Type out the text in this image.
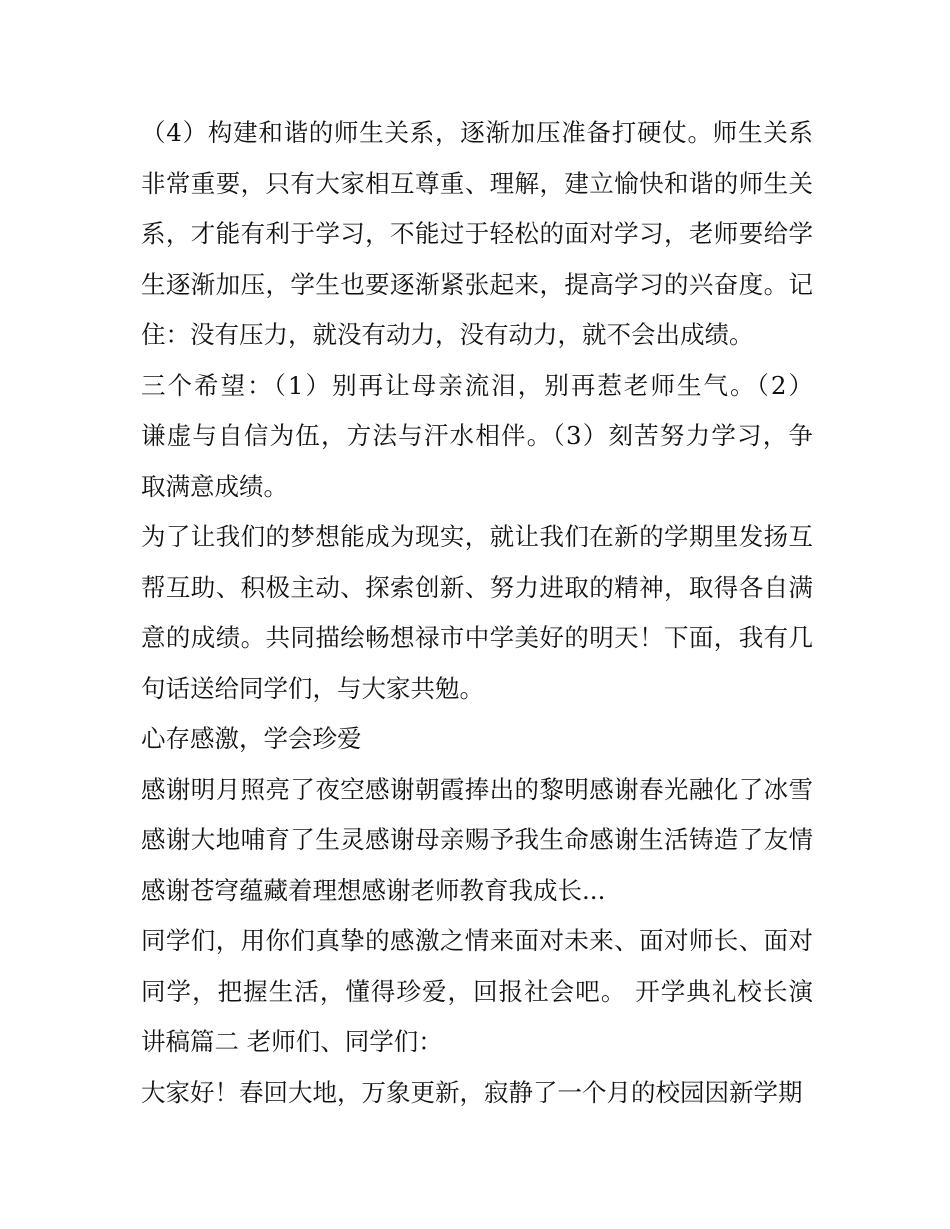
（4）构建和谐的师生关系，逐渐加压准备打硬仗。师生关系
非常重要，只有大家相互尊重、理解，建立愉快和谐的师生关
系，才能有利于学习，不能过于轻松的面对学习，老师要给学
生逐渐加压，学生也要逐渐紧张起来，提高学习的兴奋度。记
住：没有压力，就没有动力，没有动力，就不会出成绩。

三个希望：（1）别再让母亲流泪，别再惹老师生气。（2）
谦虚与自信为伍，方法与汗水相伴。（3）刻苦努力学习，争
取满意成绩。

为了让我们的梦想能成为现实，就让我们在新的学期里发扬互
帮互助、积极主动、探索创新、努力进取的精神，取得各自满
意的成绩。共同描绘畅想禄市中学美好的明天！下面，我有几
句话送给同学们，与大家共勉。

心存感激，学会珍爱

感谢明月照亮了夜空感谢朝霞捧出的黎明感谢春光融化了冰雪
感谢大地哺育了生灵感谢母亲赐予我生命感谢生活铸造了友情
感谢苍穹蕴藏着理想感谢老师教育我成长...

同学们，用你们真挚的感激之情来面对未来、面对师长、面对
同学，把握生活，懂得珍爱，回报社会吧。 开学典礼校长演
讲稿篇二 老师们、同学们：

大家好！春回大地，万象更新，寂静了一个月的校园因新学期
